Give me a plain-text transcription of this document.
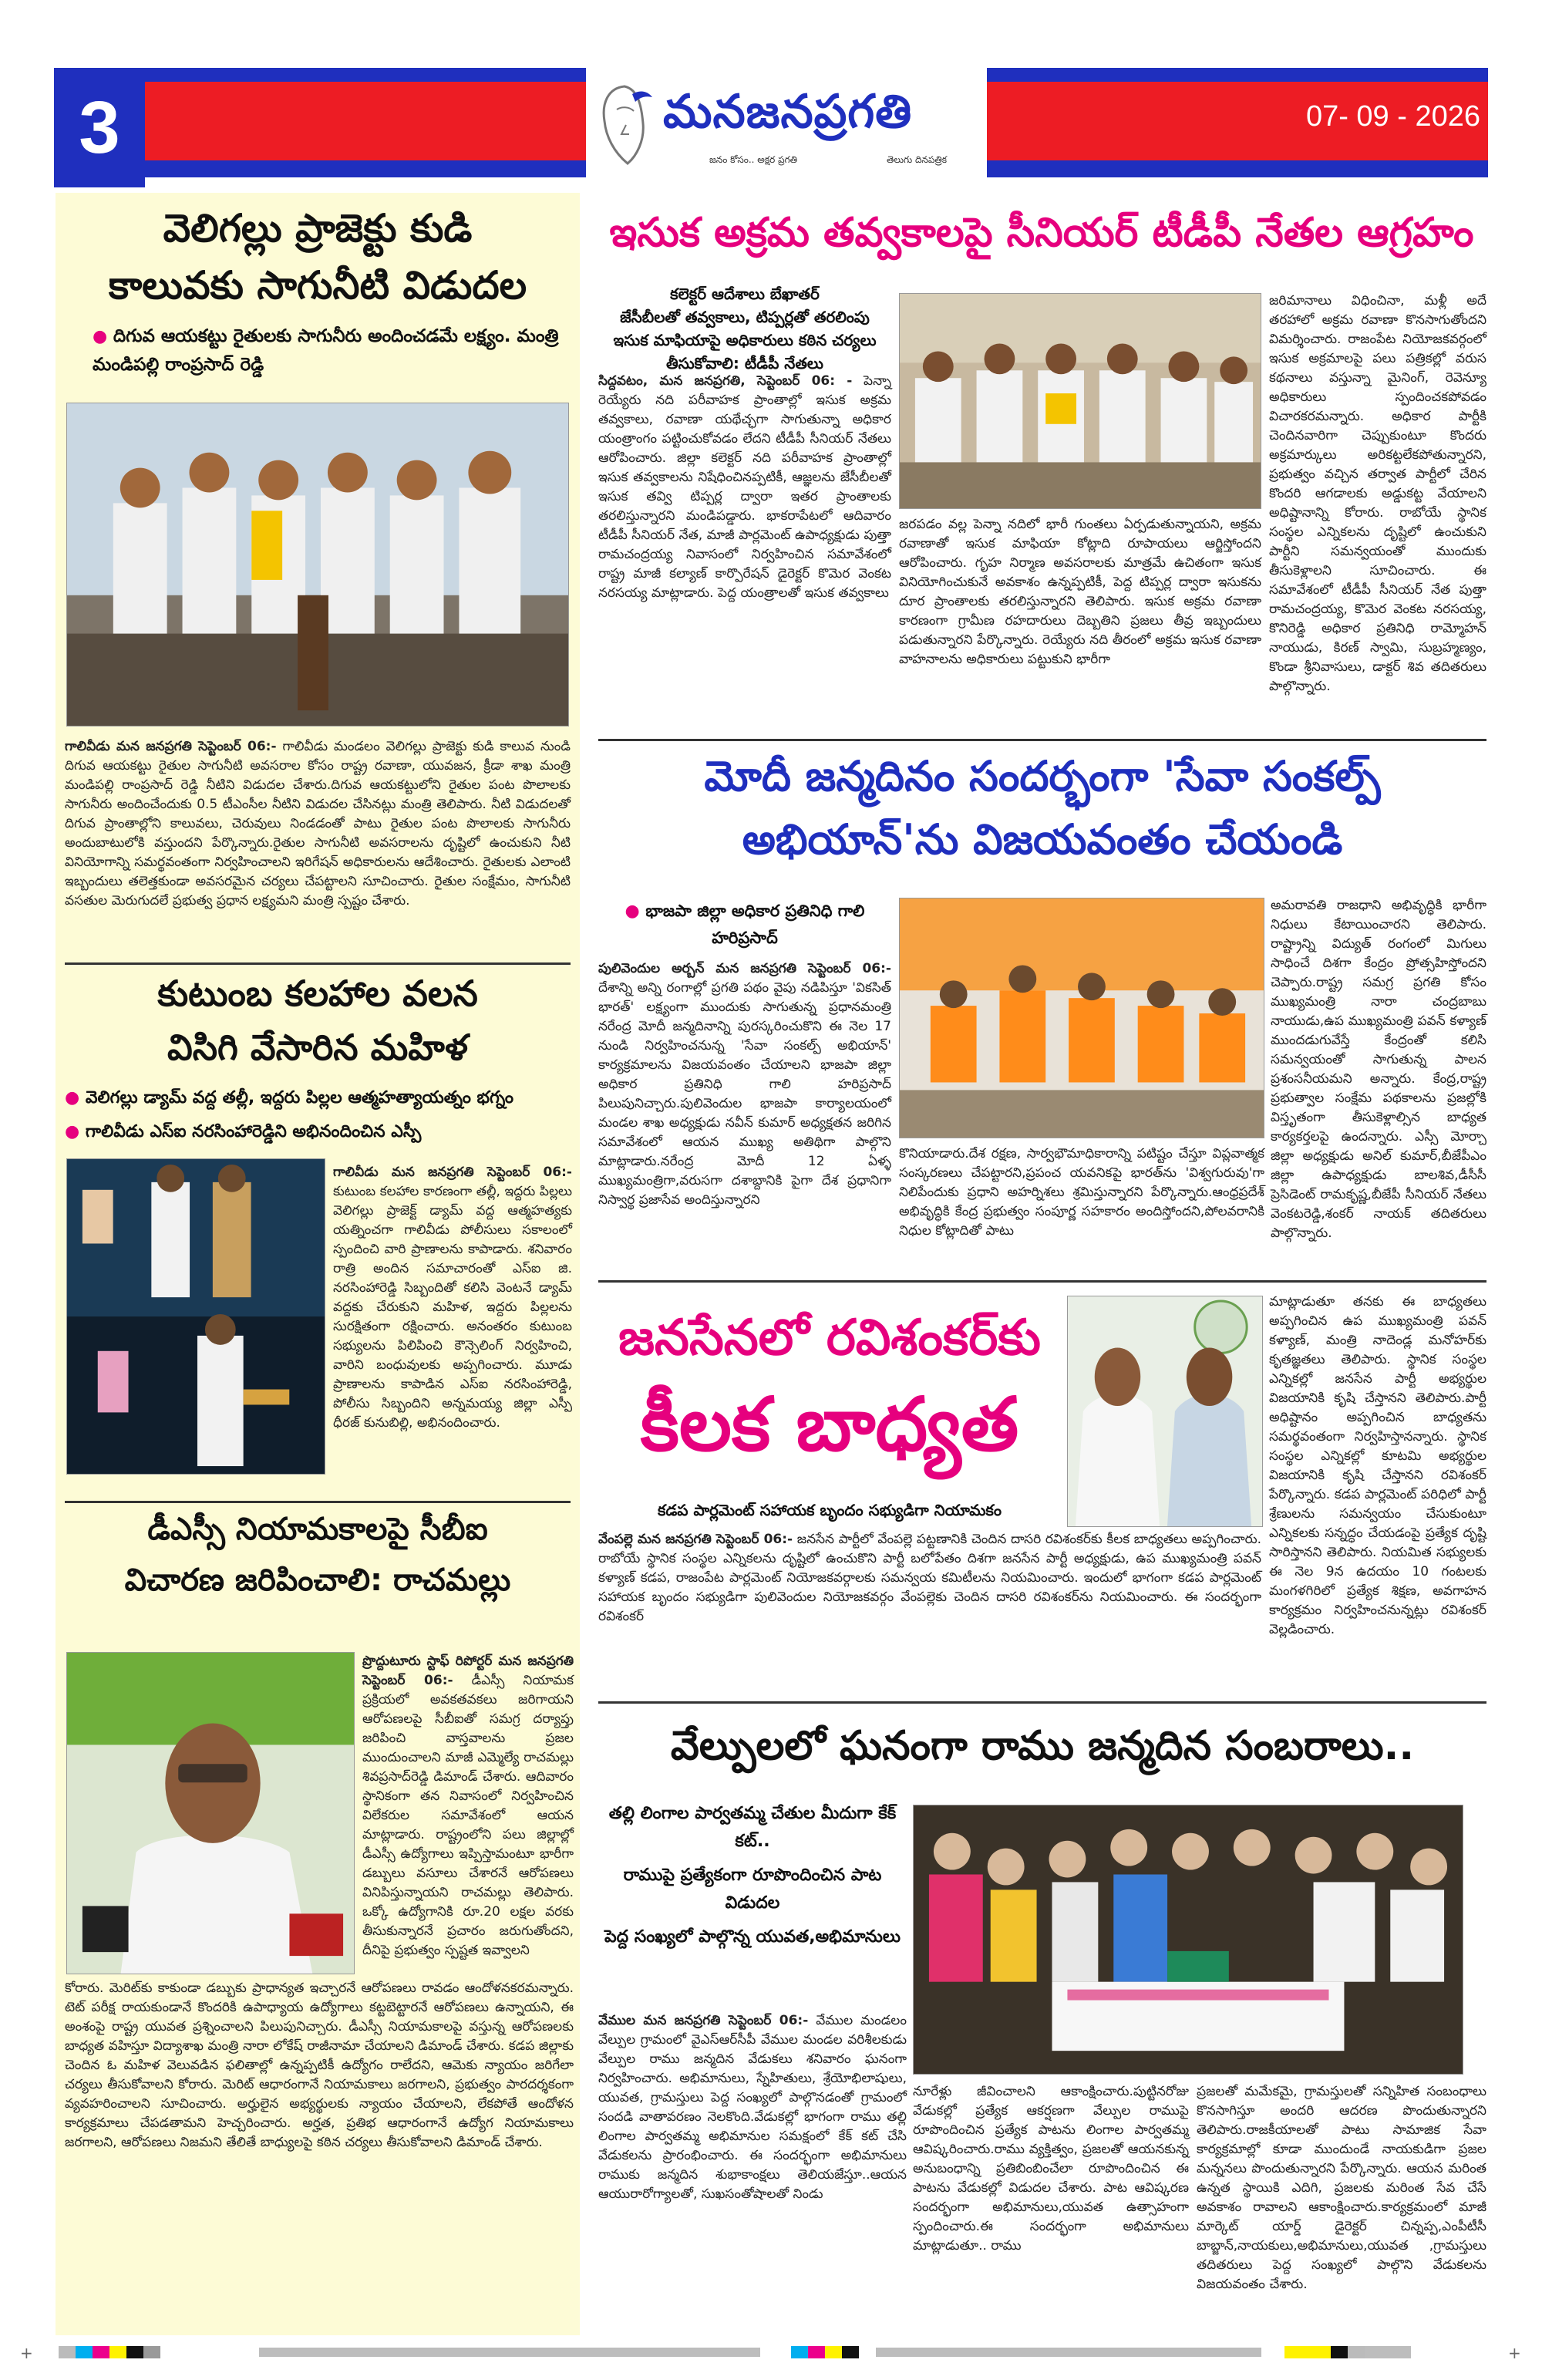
3	మనజనప్రగతి
జనం కోసం.. అక్షర ప్రగతి	తెలుగు దినపత్రిక
07- 09 - 2026
వెలిగల్లు ప్రాజెక్టు కుడి
కాలువకు సాగునీటి విడుదల
● దిగువ ఆయకట్టు రైతులకు సాగునీరు అందించడమే లక్ష్యం. మంత్రి మండిపల్లి రాంప్రసాద్ రెడ్డి
గాలివీడు మన జనప్రగతి సెప్టెంబర్ 06:- గాలివీడు మండలం వెలిగల్లు ప్రాజెక్టు కుడి కాలువ నుండి దిగువ ఆయకట్టు రైతుల సాగునీటి అవసరాల కోసం రాష్ట్ర రవాణా, యువజన, క్రీడా శాఖ మంత్రి మండిపల్లి రాంప్రసాద్ రెడ్డి నీటిని విడుదల చేశారు.దిగువ ఆయకట్టులోని రైతుల పంట పొలాలకు సాగునీరు అందించేందుకు 0.5 టీఎంసీల నీటిని విడుదల చేసినట్లు మంత్రి తెలిపారు. నీటి విడుదలతో దిగువ ప్రాంతాల్లోని కాలువలు, చెరువులు నిండడంతో పాటు రైతుల పంట పొలాలకు సాగునీరు అందుబాటులోకి వస్తుందని పేర్కొన్నారు.రైతుల సాగునీటి అవసరాలను దృష్టిలో ఉంచుకుని నీటి వినియోగాన్ని సమర్థవంతంగా నిర్వహించాలని ఇరిగేషన్ అధికారులను ఆదేశించారు. రైతులకు ఎలాంటి ఇబ్బందులు తలెత్తకుండా అవసరమైన చర్యలు చేపట్టాలని సూచించారు. రైతుల సంక్షేమం, సాగునీటి వసతుల మెరుగుదలే ప్రభుత్వ ప్రధాన లక్ష్యమని మంత్రి స్పష్టం చేశారు.
కుటుంబ కలహాల వలన
విసిగి వేసారిన మహిళ
● వెలిగల్లు డ్యామ్ వద్ద తల్లీ, ఇద్దరు పిల్లల ఆత్మహత్యాయత్నం భగ్నం
● గాలివీడు ఎస్ఐ నరసింహారెడ్డిని అభినందించిన ఎస్పీ
గాలివీడు మన జనప్రగతి సెప్టెంబర్ 06:- కుటుంబ కలహాల కారణంగా తల్లీ, ఇద్దరు పిల్లలు వెలిగల్లు ప్రాజెక్ట్ డ్యామ్ వద్ద ఆత్మహత్యకు యత్నించగా గాలివీడు పోలీసులు సకాలంలో స్పందించి వారి ప్రాణాలను కాపాడారు. శనివారం రాత్రి అందిన సమాచారంతో ఎస్ఐ జి. నరసింహారెడ్డి సిబ్బందితో కలిసి వెంటనే డ్యామ్ వద్దకు చేరుకుని మహిళ, ఇద్దరు పిల్లలను సురక్షితంగా రక్షించారు. అనంతరం కుటుంబ సభ్యులను పిలిపించి కౌన్సెలింగ్ నిర్వహించి, వారిని బంధువులకు అప్పగించారు. మూడు ప్రాణాలను కాపాడిన ఎస్ఐ నరసింహారెడ్డి, పోలీసు సిబ్బందిని అన్నమయ్య జిల్లా ఎస్పీ ధీరజ్ కునుబిల్లి, అభినందించారు.
డీఎస్సీ నియామకాలపై సీబీఐ
విచారణ జరిపించాలి: రాచమల్లు
ప్రొద్దుటూరు స్టాఫ్ రిపోర్టర్ మన జనప్రగతి సెప్టెంబర్ 06:- డీఎస్సీ నియామక ప్రక్రియలో అవకతవకలు జరిగాయని ఆరోపణలపై సీబీఐతో సమగ్ర దర్యాప్తు జరిపించి వాస్తవాలను ప్రజల ముందుంచాలని మాజీ ఎమ్మెల్యే రాచమల్లు శివప్రసాద్‌రెడ్డి డిమాండ్ చేశారు. ఆదివారం స్థానికంగా తన నివాసంలో నిర్వహించిన విలేకరుల సమావేశంలో ఆయన మాట్లాడారు. రాష్ట్రంలోని పలు జిల్లాల్లో డీఎస్సీ ఉద్యోగాలు ఇప్పిస్తామంటూ భారీగా డబ్బులు వసూలు చేశారనే ఆరోపణలు వినిపిస్తున్నాయని రాచమల్లు తెలిపారు. ఒక్కో ఉద్యోగానికి రూ.20 లక్షల వరకు తీసుకున్నారనే ప్రచారం జరుగుతోందని, దీనిపై ప్రభుత్వం స్పష్టత ఇవ్వాలని
కోరారు. మెరిట్‌కు కాకుండా డబ్బుకు ప్రాధాన్యత ఇచ్చారనే ఆరోపణలు రావడం ఆందోళనకరమన్నారు. టెట్ పరీక్ష రాయకుండానే కొందరికి ఉపాధ్యాయ ఉద్యోగాలు కట్టబెట్టారనే ఆరోపణలు ఉన్నాయని, ఈ అంశంపై రాష్ట్ర యువత ప్రశ్నించాలని పిలుపునిచ్చారు. డీఎస్సీ నియామకాలపై వస్తున్న ఆరోపణలకు బాధ్యత వహిస్తూ విద్యాశాఖ మంత్రి నారా లోకేష్ రాజీనామా చేయాలని డిమాండ్ చేశారు. కడప జిల్లాకు చెందిన ఓ మహిళ వెలువడిన ఫలితాల్లో ఉన్నప్పటికీ ఉద్యోగం రాలేదని, ఆమెకు న్యాయం జరిగేలా చర్యలు తీసుకోవాలని కోరారు. మెరిట్ ఆధారంగానే నియామకాలు జరగాలని, ప్రభుత్వం పారదర్శకంగా వ్యవహరించాలని సూచించారు. అర్హులైన అభ్యర్థులకు న్యాయం చేయాలని, లేకపోతే ఆందోళన కార్యక్రమాలు చేపడతామని హెచ్చరించారు. అర్హత, ప్రతిభ ఆధారంగానే ఉద్యోగ నియామకాలు జరగాలని, ఆరోపణలు నిజమని తేలితే బాధ్యులపై కఠిన చర్యలు తీసుకోవాలని డిమాండ్ చేశారు.
ఇసుక అక్రమ తవ్వకాలపై సీనియర్ టీడీపీ నేతల ఆగ్రహం
కలెక్టర్ ఆదేశాలు బేఖాతర్
జేసీబీలతో తవ్వకాలు, టిప్పర్లతో తరలింపు
ఇసుక మాఫియాపై అధికారులు కఠిన చర్యలు తీసుకోవాలి: టీడీపీ నేతలు
సిద్దవటం, మన జనప్రగతి, సెప్టెంబర్ 06: - పెన్నా రెయ్యేరు నది పరీవాహక ప్రాంతాల్లో ఇసుక అక్రమ తవ్వకాలు, రవాణా యథేచ్ఛగా సాగుతున్నా అధికార యంత్రాంగం పట్టించుకోవడం లేదని టీడీపీ సీనియర్ నేతలు ఆరోపించారు. జిల్లా కలెక్టర్ నది పరీవాహక ప్రాంతాల్లో ఇసుక తవ్వకాలను నిషేధించినప్పటికీ, ఆజ్ఞలను జేసీబీలతో ఇసుక తవ్వి టిప్పర్ల ద్వారా ఇతర ప్రాంతాలకు తరలిస్తున్నారని మండిపడ్డారు. భాకరాపేటలో ఆదివారం టీడీపీ సీనియర్ నేత, మాజీ పార్లమెంట్ ఉపాధ్యక్షుడు పుత్తా రామచంద్రయ్య నివాసంలో నిర్వహించిన సమావేశంలో రాష్ట్ర మాజీ కల్యాణ్ కార్పొరేషన్ డైరెక్టర్ కొమెర వెంకట నరసయ్య మాట్లాడారు. పెద్ద యంత్రాలతో ఇసుక తవ్వకాలు
జరపడం వల్ల పెన్నా నదిలో భారీ గుంతలు ఏర్పడుతున్నాయని, అక్రమ రవాణాతో ఇసుక మాఫియా కోట్లాది రూపాయలు ఆర్జిస్తోందని ఆరోపించారు. గృహ నిర్మాణ అవసరాలకు మాత్రమే ఉచితంగా ఇసుక వినియోగించుకునే అవకాశం ఉన్నప్పటికీ, పెద్ద టిప్పర్ల ద్వారా ఇసుకను దూర ప్రాంతాలకు తరలిస్తున్నారని తెలిపారు. ఇసుక అక్రమ రవాణా కారణంగా గ్రామీణ రహదారులు దెబ్బతిని ప్రజలు తీవ్ర ఇబ్బందులు పడుతున్నారని పేర్కొన్నారు. రెయ్యేరు నది తీరంలో అక్రమ ఇసుక రవాణా వాహనాలను అధికారులు పట్టుకుని భారీగా
జరిమానాలు విధించినా, మళ్లీ అదే తరహాలో అక్రమ రవాణా కొనసాగుతోందని విమర్శించారు. రాజంపేట నియోజకవర్గంలో ఇసుక అక్రమాలపై పలు పత్రికల్లో వరుస కథనాలు వస్తున్నా మైనింగ్, రెవెన్యూ అధికారులు స్పందించకపోవడం విచారకరమన్నారు. అధికార పార్టీకి చెందినవారిగా చెప్పుకుంటూ కొందరు అక్రమార్కులు అరికట్టలేకపోతున్నారని, ప్రభుత్వం వచ్చిన తర్వాత పార్టీలో చేరిన కొందరి ఆగడాలకు అడ్డుకట్ట వేయాలని అధిష్టానాన్ని కోరారు. రాబోయే స్థానిక సంస్థల ఎన్నికలను దృష్టిలో ఉంచుకుని పార్టీని సమన్వయంతో ముందుకు తీసుకెళ్లాలని సూచించారు. ఈ సమావేశంలో టీడీపీ సీనియర్ నేత పుత్తా రామచంద్రయ్య, కొమెర వెంకట నరసయ్య, కొనిరెడ్డి అధికార ప్రతినిధి రామ్మోహన్ నాయుడు, కిరణ్ స్వామి, సుబ్రహ్మణ్యం, కొండా శ్రీనివాసులు, డాక్టర్ శివ తదితరులు పాల్గొన్నారు.
మోదీ జన్మదినం సందర్భంగా 'సేవా సంకల్ప్
అభియాన్'ను విజయవంతం చేయండి
● భాజపా జిల్లా అధికార ప్రతినిధి గాలి హరిప్రసాద్
పులివెందుల అర్బన్ మన జనప్రగతి సెప్టెంబర్ 06:- దేశాన్ని అన్ని రంగాల్లో ప్రగతి పథం వైపు నడిపిస్తూ 'వికసిత్ భారత్' లక్ష్యంగా ముందుకు సాగుతున్న ప్రధానమంత్రి నరేంద్ర మోదీ జన్మదినాన్ని పురస్కరించుకొని ఈ నెల 17 నుండి నిర్వహించనున్న 'సేవా సంకల్ప్ అభియాన్' కార్యక్రమాలను విజయవంతం చేయాలని భాజపా జిల్లా అధికార ప్రతినిధి గాలి హరిప్రసాద్ పిలుపునిచ్చారు.పులివెందుల భాజపా కార్యాలయంలో మండల శాఖ అధ్యక్షుడు నవీన్ కుమార్ అధ్యక్షతన జరిగిన సమావేశంలో ఆయన ముఖ్య అతిథిగా పాల్గొని మాట్లాడారు.నరేంద్ర మోదీ 12 ఏళ్ళ ముఖ్యమంత్రిగా,వరుసగా దశాబ్దానికి పైగా దేశ ప్రధానిగా నిస్వార్థ ప్రజాసేవ అందిస్తున్నారని
కొనియాడారు.దేశ రక్షణ, సార్వభౌమాధికారాన్ని పటిష్టం చేస్తూ విప్లవాత్మక సంస్కరణలు చేపట్టారని,ప్రపంచ యవనికపై భారత్‌ను 'విశ్వగురువు'గా నిలిపేందుకు ప్రధాని అహర్నిశలు శ్రమిస్తున్నారని పేర్కొన్నారు.ఆంధ్రప్రదేశ్ అభివృద్ధికి కేంద్ర ప్రభుత్వం సంపూర్ణ సహకారం అందిస్తోందని,పోలవరానికి నిధుల కోట్లాదితో పాటు
అమరావతి రాజధాని అభివృద్ధికి భారీగా నిధులు కేటాయించారని తెలిపారు. రాష్ట్రాన్ని విద్యుత్ రంగంలో మిగులు సాధించే దిశగా కేంద్రం ప్రోత్సహిస్తోందని చెప్పారు.రాష్ట్ర సమగ్ర ప్రగతి కోసం ముఖ్యమంత్రి నారా చంద్రబాబు నాయుడు,ఉప ముఖ్యమంత్రి పవన్ కళ్యాణ్ ముందడుగువేస్తే కేంద్రంతో కలిసి సమన్వయంతో సాగుతున్న పాలన ప్రశంసనీయమని అన్నారు. కేంద్ర,రాష్ట్ర ప్రభుత్వాల సంక్షేమ పథకాలను ప్రజల్లోకి విస్తృతంగా తీసుకెళ్లాల్సిన బాధ్యత కార్యకర్తలపై ఉందన్నారు. ఎస్సీ మోర్చా జిల్లా అధ్యక్షుడు అనిల్ కుమార్,బీజేపీఎం జిల్లా ఉపాధ్యక్షుడు బాలశివ,డీసీసీ ప్రెసిడెంట్ రామకృష్ణ,బీజేపీ సీనియర్ నేతలు వెంకటరెడ్డి,శంకర్ నాయక్ తదితరులు పాల్గొన్నారు.
జనసేనలో రవిశంకర్‌కు
కీలక బాధ్యత
కడప పార్లమెంట్ సహాయక బృందం సభ్యుడిగా నియామకం
వేంపల్లె మన జనప్రగతి సెప్టెంబర్ 06:- జనసేన పార్టీలో వేంపల్లె పట్టణానికి చెందిన దాసరి రవిశంకర్‌కు కీలక బాధ్యతలు అప్పగించారు. రాబోయే స్థానిక సంస్థల ఎన్నికలను దృష్టిలో ఉంచుకొని పార్టీ బలోపేతం దిశగా జనసేన పార్టీ అధ్యక్షుడు, ఉప ముఖ్యమంత్రి పవన్ కళ్యాణ్ కడప, రాజంపేట పార్లమెంట్ నియోజకవర్గాలకు సమన్వయ కమిటీలను నియమించారు. ఇందులో భాగంగా కడప పార్లమెంట్ సహాయక బృందం సభ్యుడిగా పులివెందుల నియోజకవర్గం వేంపల్లెకు చెందిన దాసరి రవిశంకర్‌ను నియమించారు. ఈ సందర్భంగా రవిశంకర్
మాట్లాడుతూ తనకు ఈ బాధ్యతలు అప్పగించిన ఉప ముఖ్యమంత్రి పవన్ కళ్యాణ్, మంత్రి నాదెండ్ల మనోహర్‌కు కృతజ్ఞతలు తెలిపారు. స్థానిక సంస్థల ఎన్నికల్లో జనసేన పార్టీ అభ్యర్థుల విజయానికి కృషి చేస్తానని తెలిపారు.పార్టీ అధిష్టానం అప్పగించిన బాధ్యతను సమర్థవంతంగా నిర్వహిస్తానన్నారు. స్థానిక సంస్థల ఎన్నికల్లో కూటమి అభ్యర్థుల విజయానికి కృషి చేస్తానని రవిశంకర్ పేర్కొన్నారు. కడప పార్లమెంట్ పరిధిలో పార్టీ శ్రేణులను సమన్వయం చేసుకుంటూ ఎన్నికలకు సన్నద్ధం చేయడంపై ప్రత్యేక దృష్టి సారిస్తానని తెలిపారు. నియమిత సభ్యులకు ఈ నెల 9న ఉదయం 10 గంటలకు మంగళగిరిలో ప్రత్యేక శిక్షణ, అవగాహన కార్యక్రమం నిర్వహించనున్నట్లు రవిశంకర్ వెల్లడించారు.
వేల్పులలో ఘనంగా రాము జన్మదిన సంబరాలు..
తల్లి లింగాల పార్వతమ్మ చేతుల మీదుగా కేక్ కట్..
రాముపై ప్రత్యేకంగా రూపొందించిన పాట విడుదల
పెద్ద సంఖ్యలో పాల్గొన్న యువత,అభిమానులు
వేముల మన జనప్రగతి సెప్టెంబర్ 06:- వేముల మండలం వేల్పుల గ్రామంలో వైఎస్ఆర్‌సీపీ వేముల మండల వరిశీలకుడు వేల్పుల రాము జన్మదిన వేడుకలు శనివారం ఘనంగా నిర్వహించారు. అభిమానులు, స్నేహితులు, శ్రేయోభిలాషులు, యువత, గ్రామస్తులు పెద్ద సంఖ్యలో పాల్గొనడంతో గ్రామంలో సందడి వాతావరణం నెలకొంది.వేడుకల్లో భాగంగా రాము తల్లి లింగాల పార్వతమ్మ అభిమానుల సమక్షంలో కేక్ కట్ చేసి వేడుకలను ప్రారంభించారు. ఈ సందర్భంగా అభిమానులు రాముకు జన్మదిన శుభాకాంక్షలు తెలియజేస్తూ..ఆయన ఆయురారోగ్యాలతో, సుఖసంతోషాలతో నిండు
నూరేళ్లు జీవించాలని ఆకాంక్షించారు.పుట్టినరోజు వేడుకల్లో ప్రత్యేక ఆకర్షణగా వేల్పుల రాముపై రూపొందించిన ప్రత్యేక పాటను లింగాల పార్వతమ్మ ఆవిష్కరించారు.రాము వ్యక్తిత్వం, ప్రజలతో ఆయనకున్న అనుబంధాన్ని ప్రతిబింబించేలా రూపొందించిన ఈ పాటను వేడుకల్లో విడుదల చేశారు. పాట ఆవిష్కరణ సందర్భంగా అభిమానులు,యువత ఉత్సాహంగా స్పందించారు.ఈ సందర్భంగా అభిమానులు మాట్లాడుతూ.. రాము
ప్రజలతో మమేకమై, గ్రామస్తులతో సన్నిహిత సంబంధాలు కొనసాగిస్తూ అందరి ఆదరణ పొందుతున్నారని తెలిపారు.రాజకీయాలతో పాటు సామాజిక సేవా కార్యక్రమాల్లో కూడా ముందుండే నాయకుడిగా ప్రజల మన్ననలు పొందుతున్నారని పేర్కొన్నారు. ఆయన మరింత ఉన్నత స్థాయికి ఎదిగి, ప్రజలకు మరింత సేవ చేసే అవకాశం రావాలని ఆకాంక్షించారు.కార్యక్రమంలో మాజీ మార్కెట్ యార్డ్ డైరెక్టర్ చిన్నప్ప,ఎంపీటీసీ బాబ్జాన్,నాయకులు,అభిమానులు,యువత ,గ్రామస్తులు తదితరులు పెద్ద సంఖ్యలో పాల్గొని వేడుకలను విజయవంతం చేశారు.
+	+
